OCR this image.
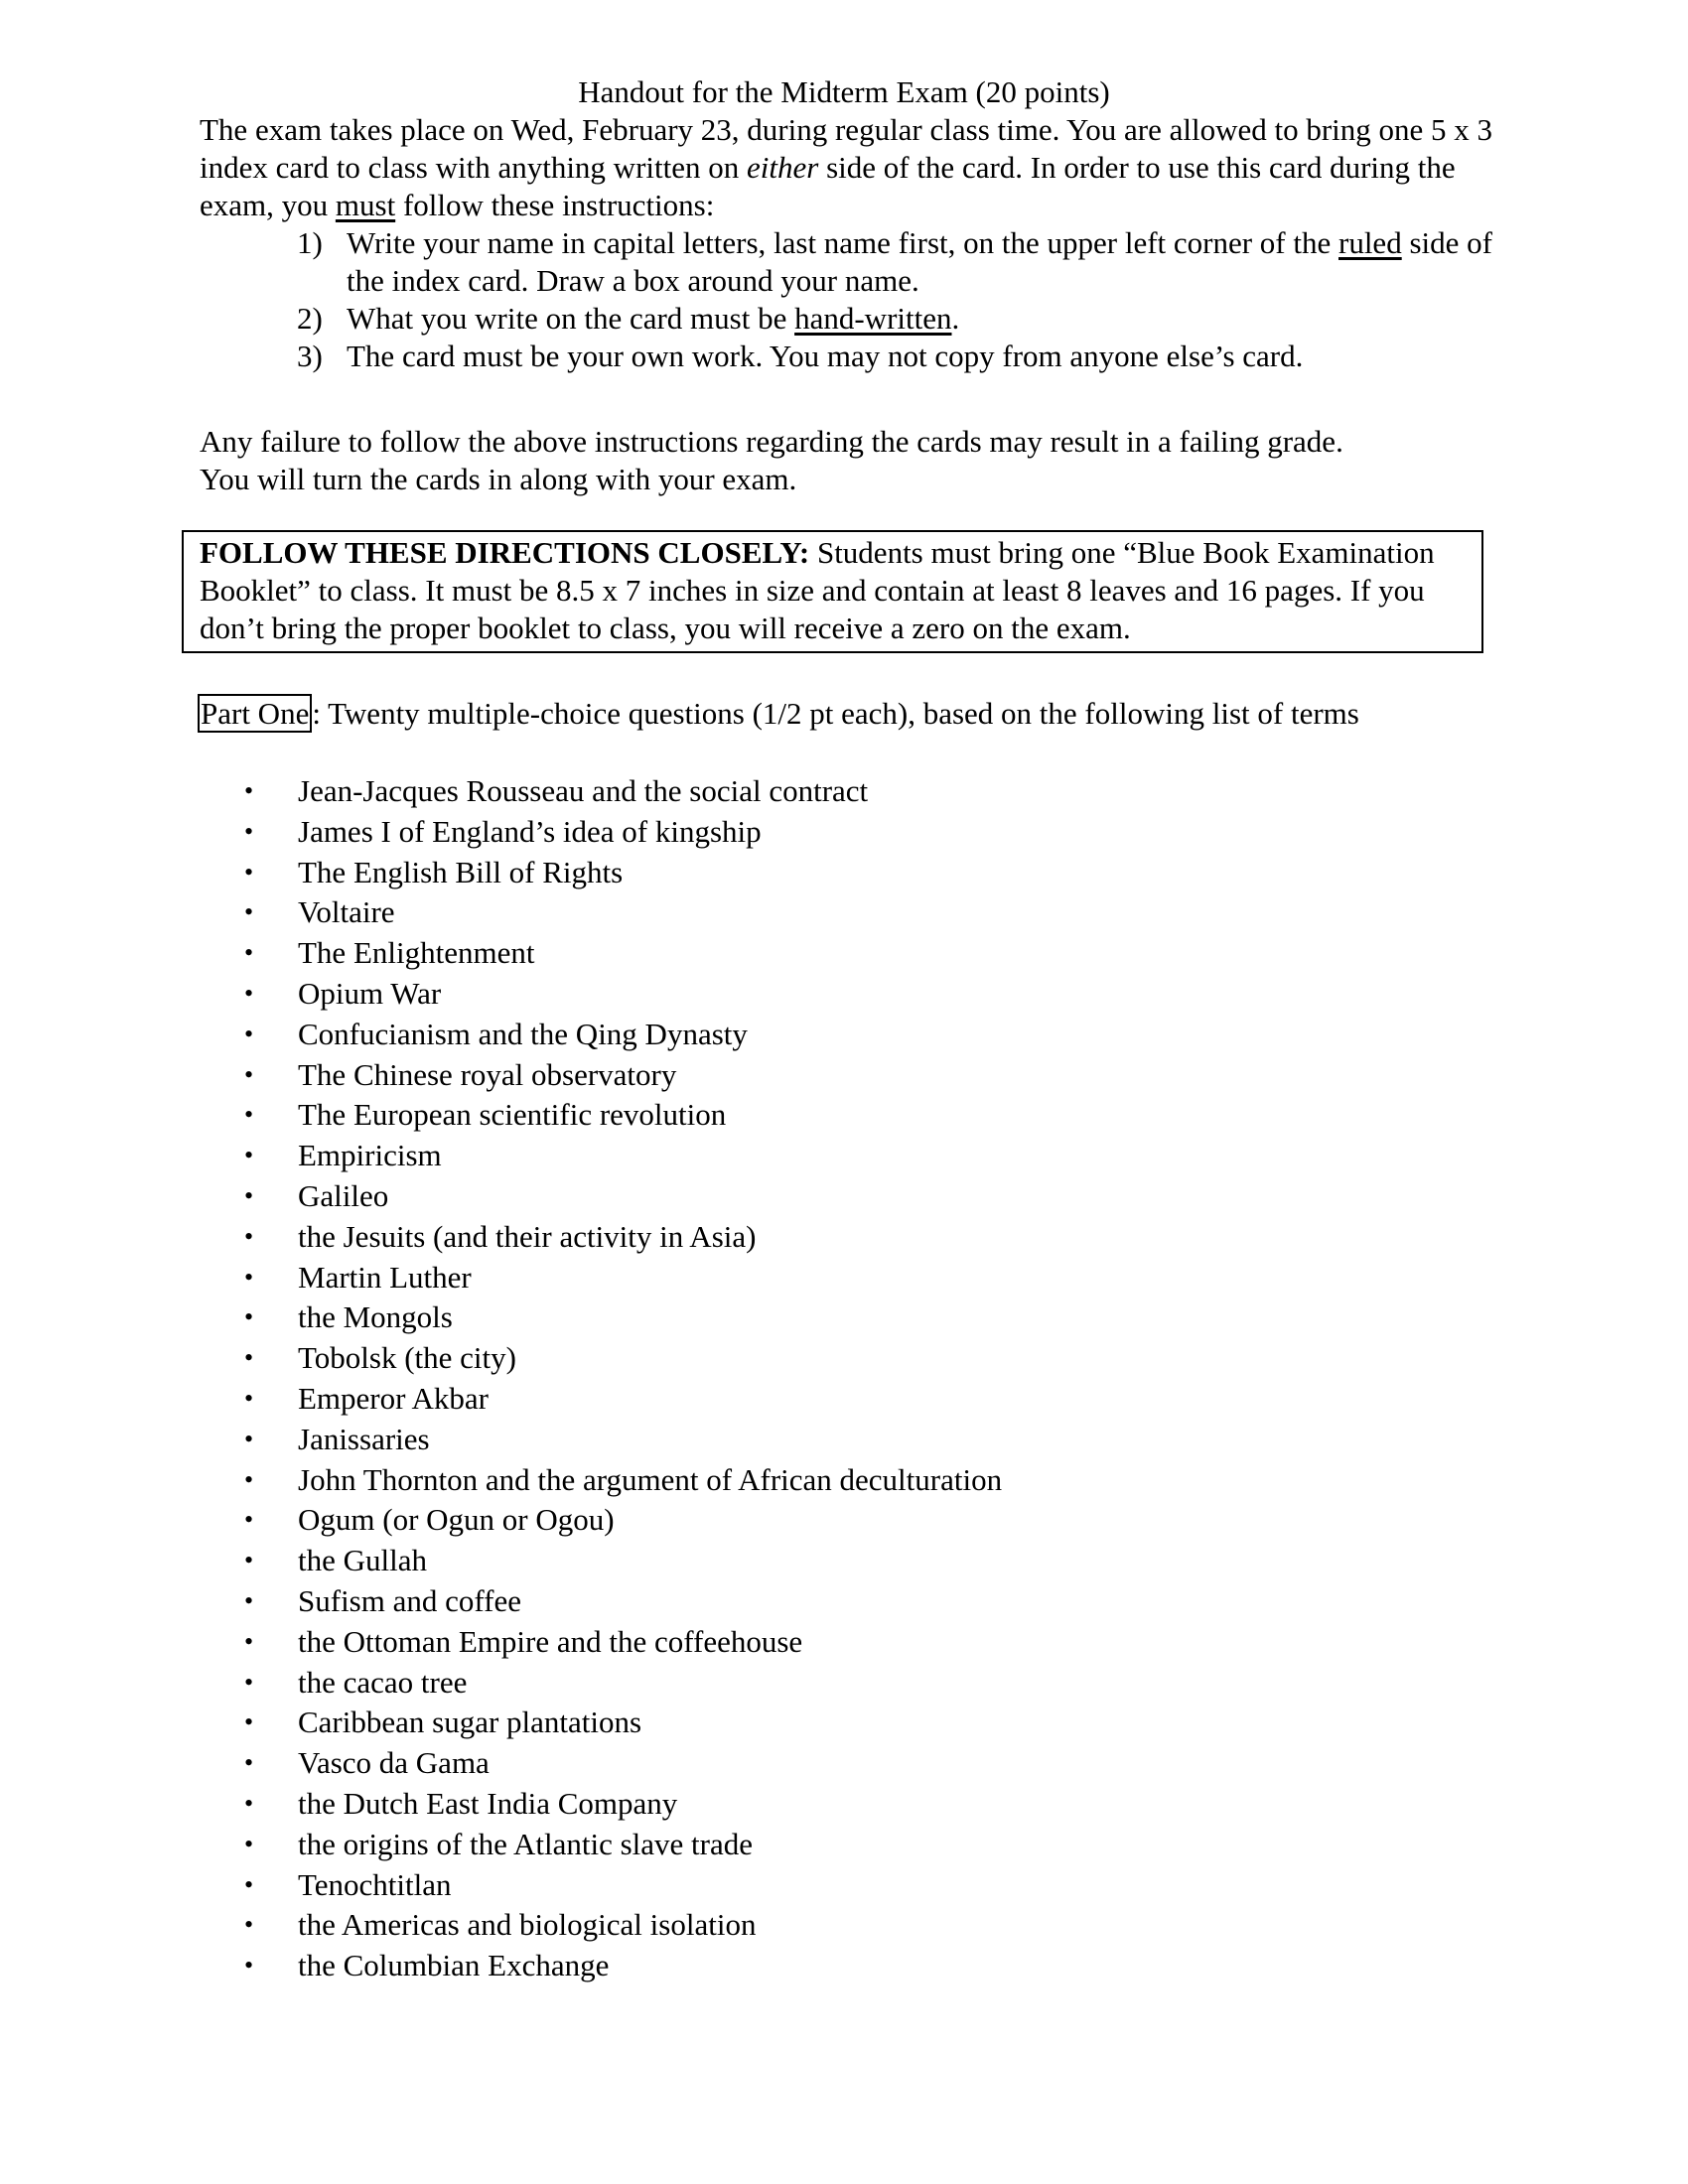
Handout for the Midterm Exam (20 points)

The exam takes place on Wed, February 23, during regular class time. You are allowed to bring one 5 x 3 index card to class with anything written on either side of the card. In order to use this card during the exam, you must follow these instructions:

1) Write your name in capital letters, last name first, on the upper left corner of the ruled side of the index card. Draw a box around your name.
2) What you write on the card must be hand-written.
3) The card must be your own work. You may not copy from anyone else’s card.

Any failure to follow the above instructions regarding the cards may result in a failing grade.

You will turn the cards in along with your exam.

FOLLOW THESE DIRECTIONS CLOSELY: Students must bring one “Blue Book Examination Booklet” to class. It must be 8.5 x 7 inches in size and contain at least 8 leaves and 16 pages. If you don’t bring the proper booklet to class, you will receive a zero on the exam.

Part One: Twenty multiple-choice questions (1/2 pt each), based on the following list of terms
• Jean-Jacques Rousseau and the social contract
• James I of England’s idea of kingship
• The English Bill of Rights
• Voltaire
• The Enlightenment
• Opium War
• Confucianism and the Qing Dynasty
• The Chinese royal observatory
• The European scientific revolution
• Empiricism
• Galileo
• the Jesuits (and their activity in Asia)
• Martin Luther
• the Mongols
• Tobolsk (the city)
• Emperor Akbar
• Janissaries
• John Thornton and the argument of African deculturation
• Ogum (or Ogun or Ogou)
• the Gullah
• Sufism and coffee
• the Ottoman Empire and the coffeehouse
• the cacao tree
• Caribbean sugar plantations
• Vasco da Gama
• the Dutch East India Company
• the origins of the Atlantic slave trade
• Tenochtitlan
• the Americas and biological isolation
• the Columbian Exchange
